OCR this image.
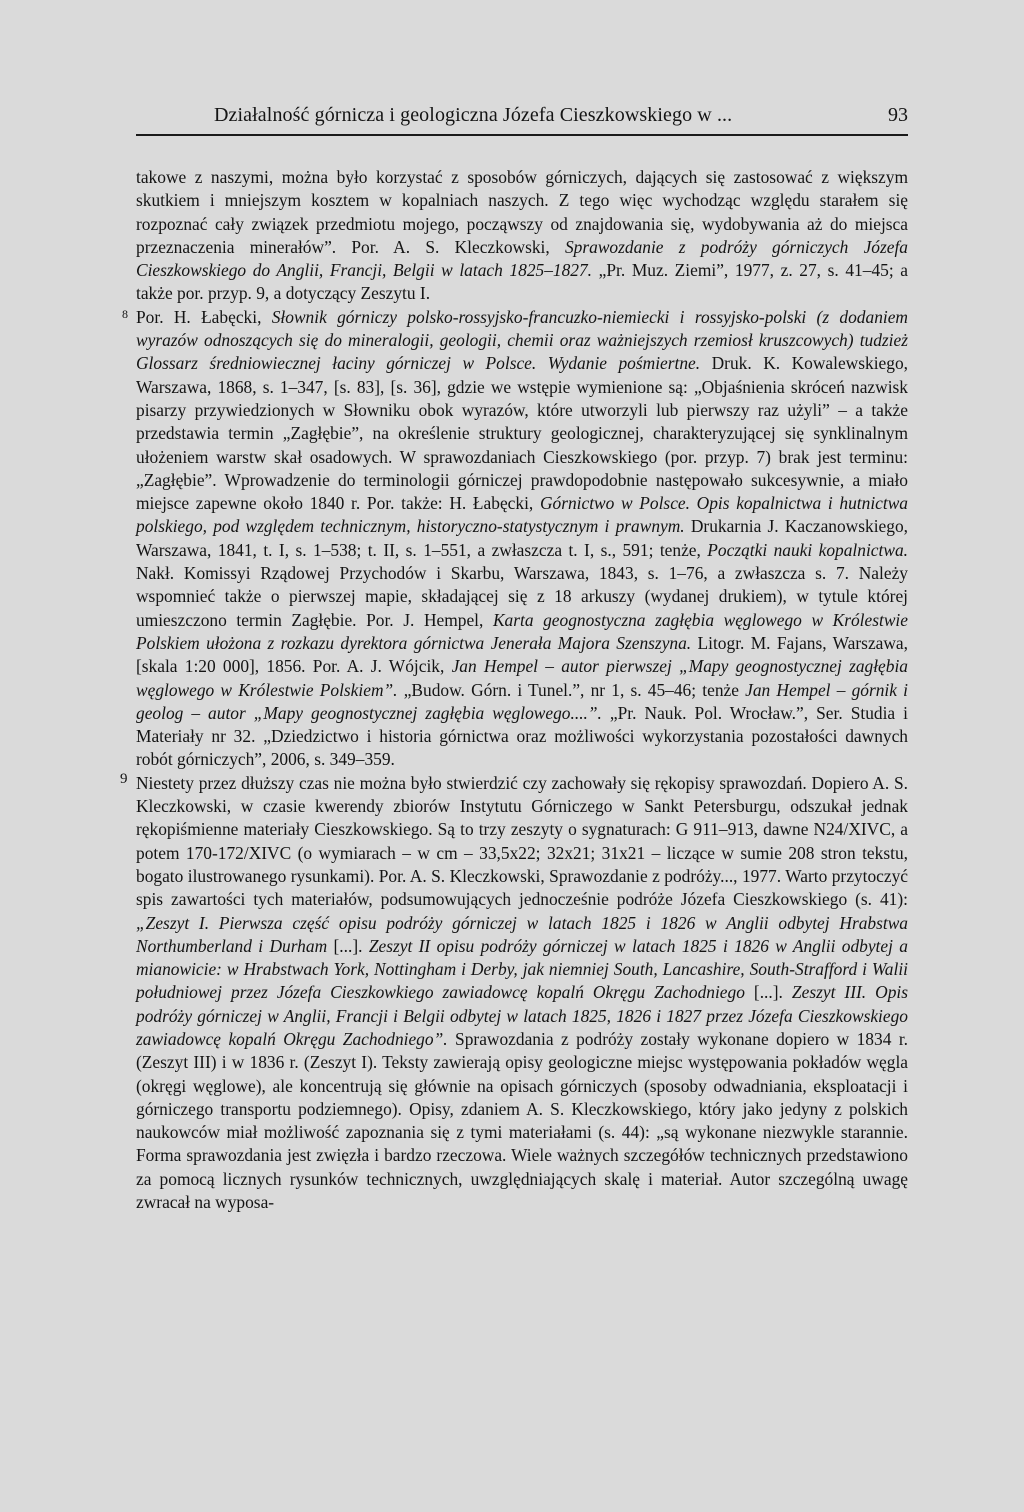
Działalność górnicza i geologiczna Józefa Cieszkowskiego w ...	93

takowe z naszymi, można było korzystać z sposobów górniczych, dających się zastosować z większym skutkiem i mniejszym kosztem w kopalniach naszych. Z tego więc wychodząc względu starałem się rozpoznać cały związek przedmiotu mojego, począwszy od znajdowania się, wydobywania aż do miejsca przeznaczenia minerałów”. Por. A. S. Kleczkowski, Sprawozdanie z podróży górniczych Józefa Cieszkowskiego do Anglii, Francji, Belgii w latach 1825–1827. „Pr. Muz. Ziemi”, 1977, z. 27, s. 41–45; a także por. przyp. 9, a dotyczący Zeszytu I.

8 Por. H. Łabęcki, Słownik górniczy polsko-rossyjsko-francuzko-niemiecki i rossyjsko-polski (z dodaniem wyrazów odnoszących się do mineralogii, geologii, chemii oraz ważniejszych rzemiosł kruszcowych) tudzież Glossarz średniowiecznej łaciny górniczej w Polsce. Wydanie pośmiertne. Druk. K. Kowalewskiego, Warszawa, 1868, s. 1–347, [s. 83], [s. 36], gdzie we wstępie wymienione są: „Objaśnienia skróceń nazwisk pisarzy przywiedzionych w Słowniku obok wyrazów, które utworzyli lub pierwszy raz użyli” – a także przedstawia termin „Zagłębie”, na określenie struktury geologicznej, charakteryzującej się synklinalnym ułożeniem warstw skał osadowych. W sprawozdaniach Cieszkowskiego (por. przyp. 7) brak jest terminu: „Zagłębie”. Wprowadzenie do terminologii górniczej prawdopodobnie następowało sukcesywnie, a miało miejsce zapewne około 1840 r. Por. także: H. Łabęcki, Górnictwo w Polsce. Opis kopalnictwa i hutnictwa polskiego, pod względem technicznym, historyczno-statystycznym i prawnym. Drukarnia J. Kaczanowskiego, Warszawa, 1841, t. I, s. 1–538; t. II, s. 1–551, a zwłaszcza t. I, s., 591; tenże, Początki nauki kopalnictwa. Nakł. Komissyi Rządowej Przychodów i Skarbu, Warszawa, 1843, s. 1–76, a zwłaszcza s. 7. Należy wspomnieć także o pierwszej mapie, składającej się z 18 arkuszy (wydanej drukiem), w tytule której umieszczono termin Zagłębie. Por. J. Hempel, Karta geognostyczna zagłębia węglowego w Królestwie Polskiem ułożona z rozkazu dyrektora górnictwa Jenerała Majora Szenszyna. Litogr. M. Fajans, Warszawa, [skala 1:20 000], 1856. Por. A. J. Wójcik, Jan Hempel – autor pierwszej „Mapy geognostycznej zagłębia węglowego w Królestwie Polskiem”. „Budow. Górn. i Tunel.”, nr 1, s. 45–46; tenże Jan Hempel – górnik i geolog – autor „Mapy geognostycznej zagłębia węglowego....”. „Pr. Nauk. Pol. Wrocław.”, Ser. Studia i Materiały nr 32. „Dziedzictwo i historia górnictwa oraz możliwości wykorzystania pozostałości dawnych robót górniczych”, 2006, s. 349–359.

9 Niestety przez dłuższy czas nie można było stwierdzić czy zachowały się rękopisy sprawozdań. Dopiero A. S. Kleczkowski, w czasie kwerendy zbiorów Instytutu Górniczego w Sankt Petersburgu, odszukał jednak rękopiśmienne materiały Cieszkowskiego. Są to trzy zeszyty o sygnaturach: G 911–913, dawne N24/XIVC, a potem 170-172/XIVC (o wymiarach – w cm – 33,5x22; 32x21; 31x21 – liczące w sumie 208 stron tekstu, bogato ilustrowanego rysunkami). Por. A. S. Kleczkowski, Sprawozdanie z podróży..., 1977. Warto przytoczyć spis zawartości tych materiałów, podsumowujących jednocześnie podróże Józefa Cieszkowskiego (s. 41): „Zeszyt I. Pierwsza część opisu podróży górniczej w latach 1825 i 1826 w Anglii odbytej Hrabstwa Northumberland i Durham [...]. Zeszyt II opisu podróży górniczej w latach 1825 i 1826 w Anglii odbytej a mianowicie: w Hrabstwach York, Nottingham i Derby, jak niemniej South, Lancashire, South-Strafford i Walii południowej przez Józefa Cieszkowkiego zawiadowcę kopalń Okręgu Zachodniego [...]. Zeszyt III. Opis podróży górniczej w Anglii, Francji i Belgii odbytej w latach 1825, 1826 i 1827 przez Józefa Cieszkowskiego zawiadowcę kopalń Okręgu Zachodniego”. Sprawozdania z podróży zostały wykonane dopiero w 1834 r. (Zeszyt III) i w 1836 r. (Zeszyt I). Teksty zawierają opisy geologiczne miejsc występowania pokładów węgla (okręgi węglowe), ale koncentrują się głównie na opisach górniczych (sposoby odwadniania, eksploatacji i górniczego transportu podziemnego). Opisy, zdaniem A. S. Kleczkowskiego, który jako jedyny z polskich naukowców miał możliwość zapoznania się z tymi materiałami (s. 44): „są wykonane niezwykle starannie. Forma sprawozdania jest zwięzła i bardzo rzeczowa. Wiele ważnych szczegółów technicznych przedstawiono za pomocą licznych rysunków technicznych, uwzględniających skalę i materiał. Autor szczególną uwagę zwracał na wyposa-
